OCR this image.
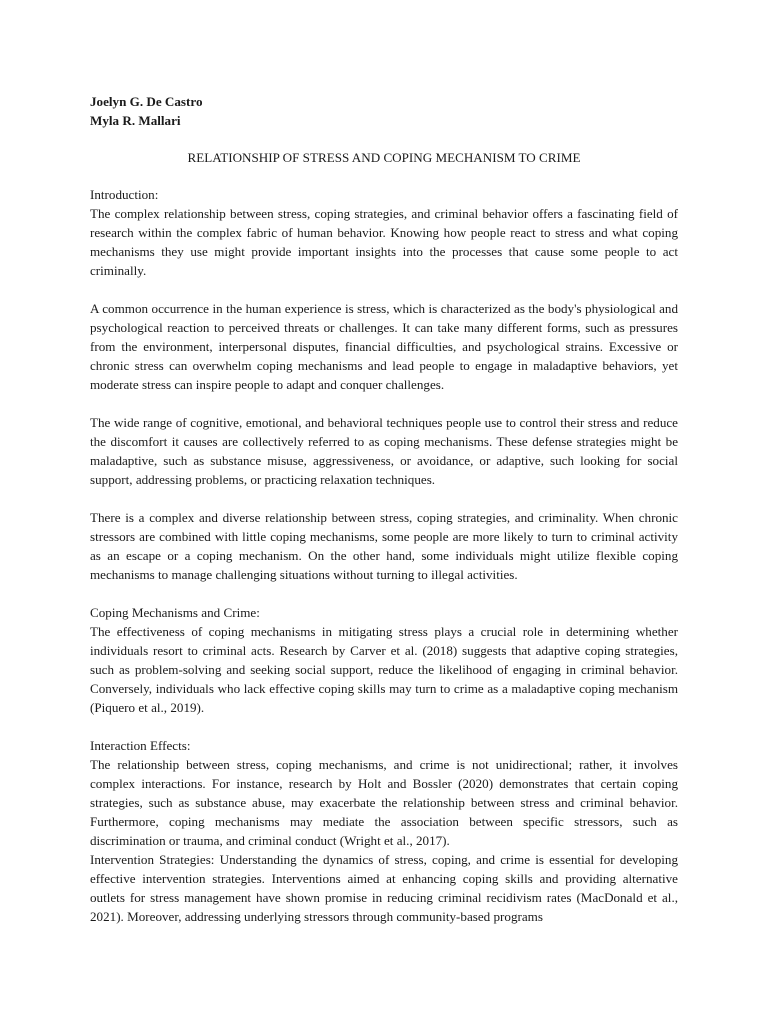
Joelyn G. De Castro

Myla R. Mallari

RELATIONSHIP OF STRESS AND COPING MECHANISM TO CRIME

Introduction:

The complex relationship between stress, coping strategies, and criminal behavior offers a fascinating field of research within the complex fabric of human behavior. Knowing how people react to stress and what coping mechanisms they use might provide important insights into the processes that cause some people to act criminally.

A common occurrence in the human experience is stress, which is characterized as the body's physiological and psychological reaction to perceived threats or challenges. It can take many different forms, such as pressures from the environment, interpersonal disputes, financial difficulties, and psychological strains. Excessive or chronic stress can overwhelm coping mechanisms and lead people to engage in maladaptive behaviors, yet moderate stress can inspire people to adapt and conquer challenges.

The wide range of cognitive, emotional, and behavioral techniques people use to control their stress and reduce the discomfort it causes are collectively referred to as coping mechanisms. These defense strategies might be maladaptive, such as substance misuse, aggressiveness, or avoidance, or adaptive, such looking for social support, addressing problems, or practicing relaxation techniques.

There is a complex and diverse relationship between stress, coping strategies, and criminality. When chronic stressors are combined with little coping mechanisms, some people are more likely to turn to criminal activity as an escape or a coping mechanism. On the other hand, some individuals might utilize flexible coping mechanisms to manage challenging situations without turning to illegal activities.

Coping Mechanisms and Crime:

The effectiveness of coping mechanisms in mitigating stress plays a crucial role in determining whether individuals resort to criminal acts. Research by Carver et al. (2018) suggests that adaptive coping strategies, such as problem-solving and seeking social support, reduce the likelihood of engaging in criminal behavior. Conversely, individuals who lack effective coping skills may turn to crime as a maladaptive coping mechanism (Piquero et al., 2019).

Interaction Effects:

The relationship between stress, coping mechanisms, and crime is not unidirectional; rather, it involves complex interactions. For instance, research by Holt and Bossler (2020) demonstrates that certain coping strategies, such as substance abuse, may exacerbate the relationship between stress and criminal behavior. Furthermore, coping mechanisms may mediate the association between specific stressors, such as discrimination or trauma, and criminal conduct (Wright et al., 2017).

Intervention Strategies: Understanding the dynamics of stress, coping, and crime is essential for developing effective intervention strategies. Interventions aimed at enhancing coping skills and providing alternative outlets for stress management have shown promise in reducing criminal recidivism rates (MacDonald et al., 2021). Moreover, addressing underlying stressors through community-based programs
